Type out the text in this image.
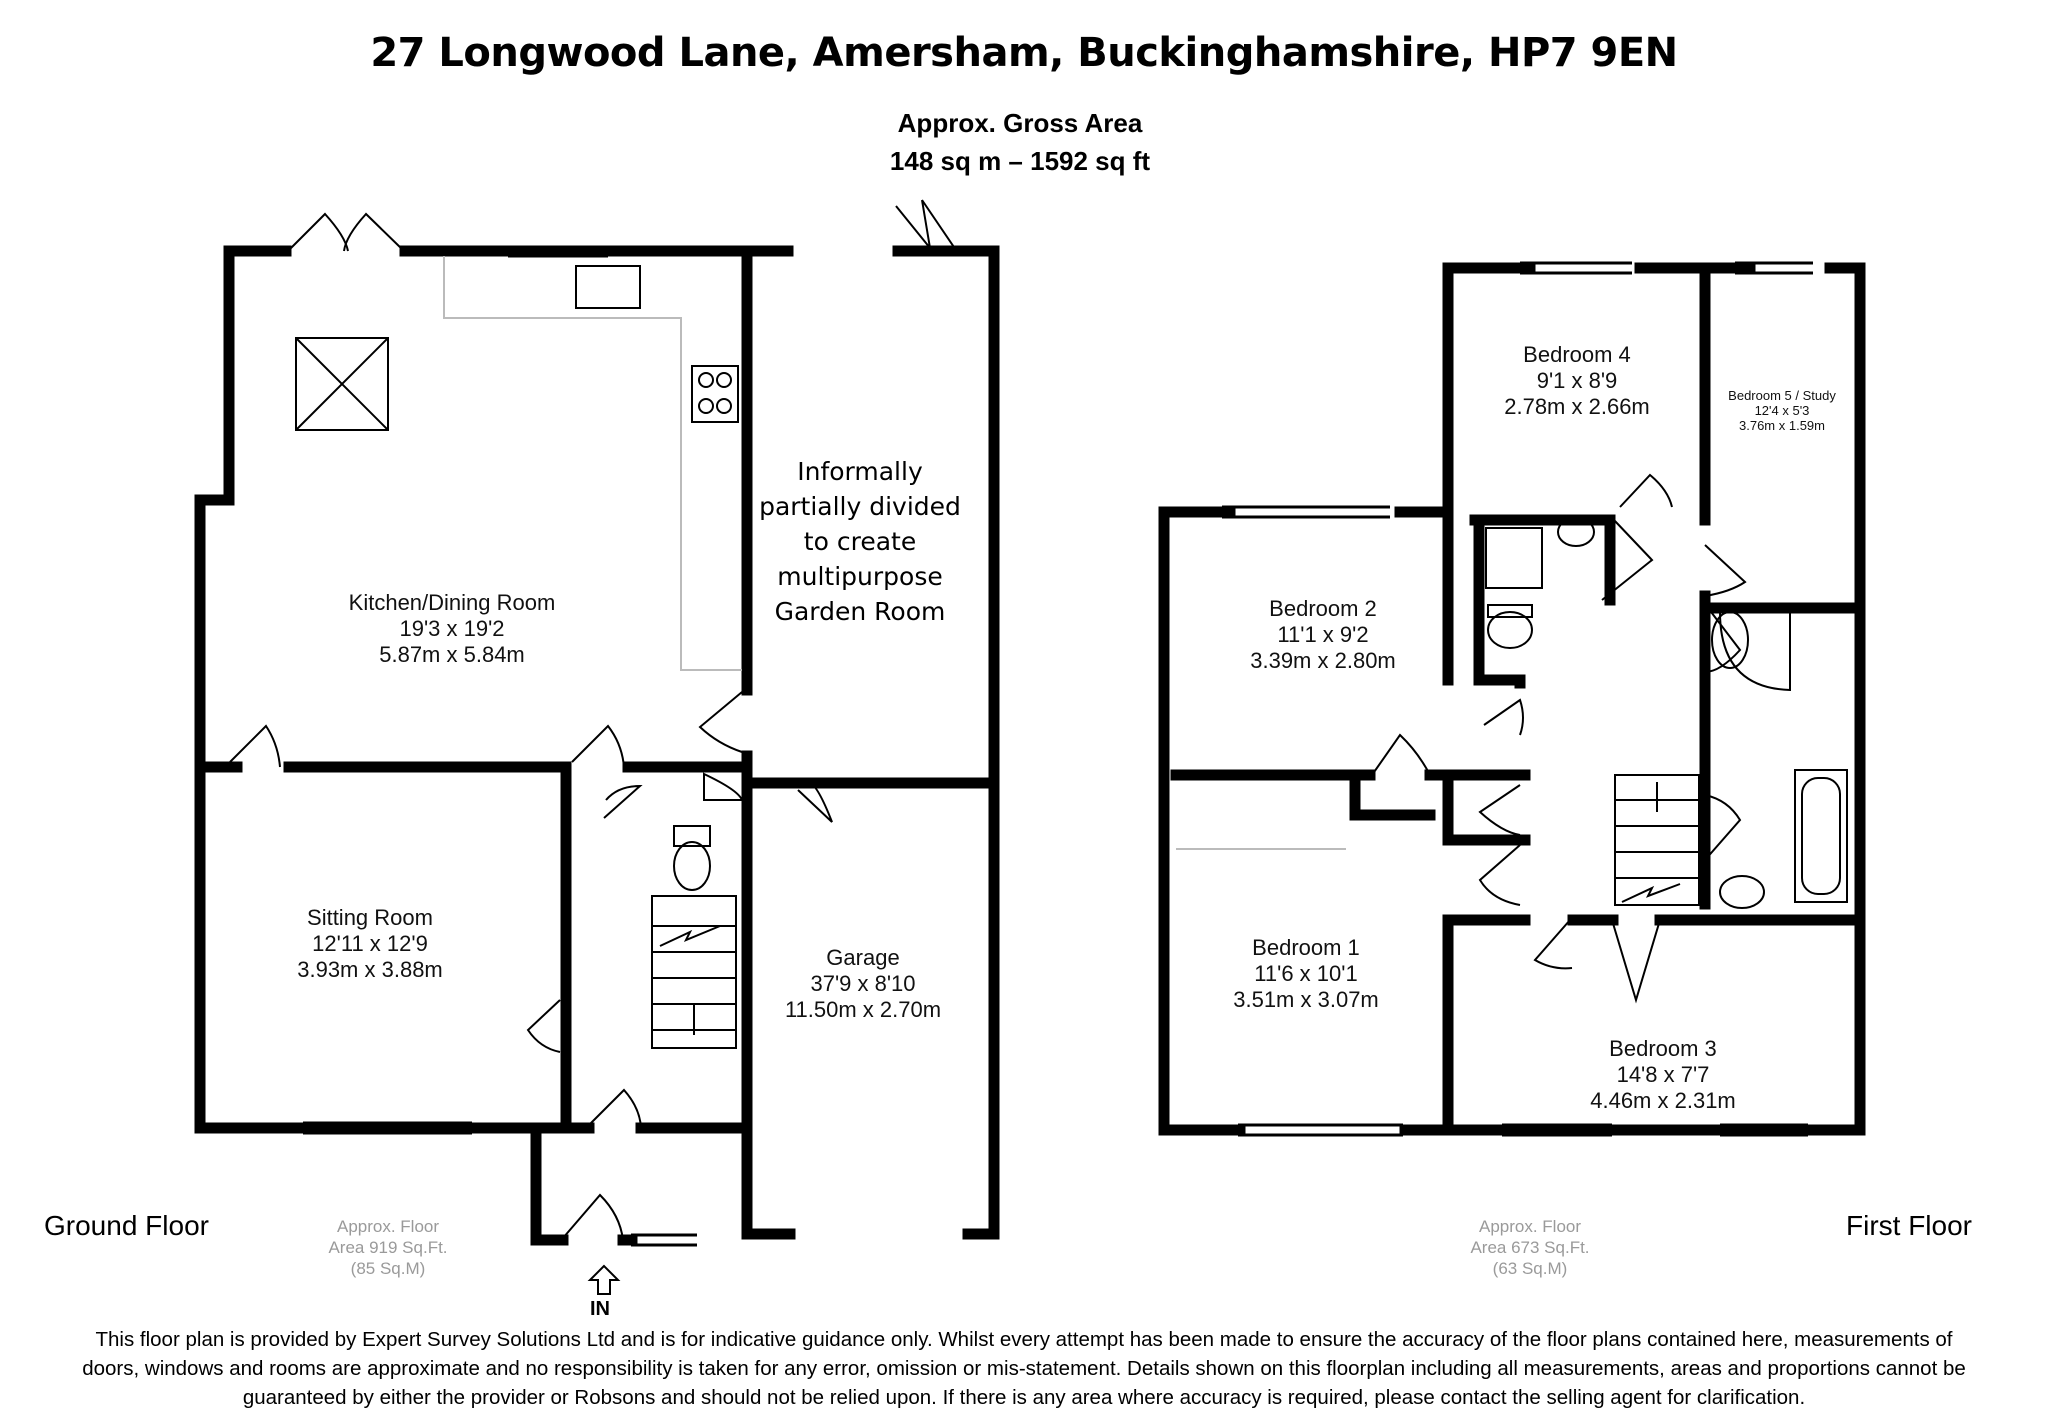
27 Longwood Lane, Amersham, Buckinghamshire, HP7 9EN
Approx. Gross Area
148 sq m – 1592 sq ft
Kitchen/Dining Room
19'3 x 19'2
5.87m x 5.84m
Sitting Room
12'11 x 12'9
3.93m x 3.88m	Garage
37'9 x 8'10
11.50m x 2.70m
Informally
partially divided
to create
multipurpose
Garden Room
Bedroom 4
9'1 x 8'9
2.78m x 2.66m	Bedroom 5 / Study
12'4 x 5'3
3.76m x 1.59m
Bedroom 2
11'1 x 9'2
3.39m x 2.80m
Bedroom 1
11'6 x 10'1
3.51m x 3.07m
Bedroom 3
14'8 x 7'7
4.46m x 2.31m
Ground Floor	First Floor
Approx. Floor
Area 919 Sq.Ft.
(85 Sq.M)
Approx. Floor
Area 673 Sq.Ft.
(63 Sq.M)
IN
This floor plan is provided by Expert Survey Solutions Ltd and is for indicative guidance only. Whilst every attempt has been made to ensure the accuracy of the floor plans contained here, measurements of
doors, windows and rooms are approximate and no responsibility is taken for any error, omission or mis-statement. Details shown on this floorplan including all measurements, areas and proportions cannot be
guaranteed by either the provider or Robsons and should not be relied upon. If there is any area where accuracy is required, please contact the selling agent for clarification.
